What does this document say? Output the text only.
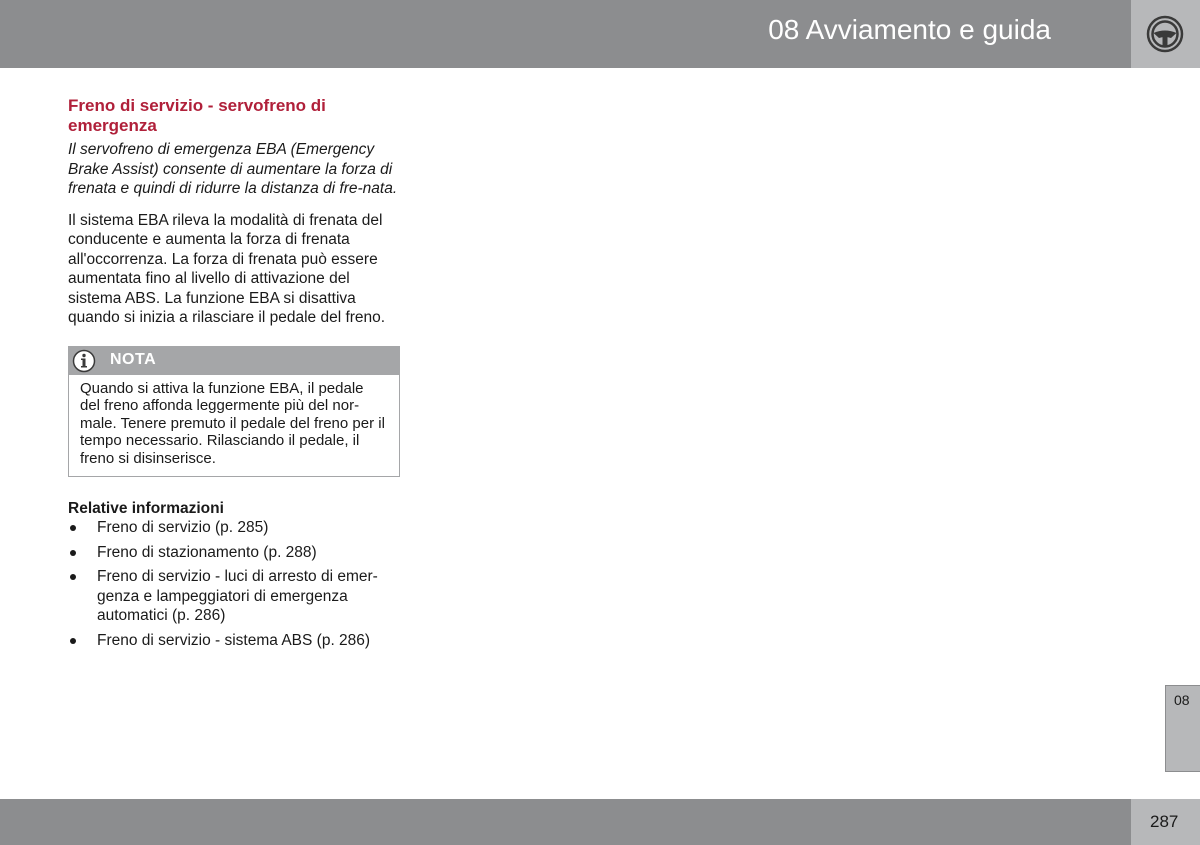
08 Avviamento e guida
Freno di servizio - servofreno di emergenza

Il servofreno di emergenza EBA (Emergency Brake Assist) consente di aumentare la forza di frenata e quindi di ridurre la distanza di fre-nata.

Il sistema EBA rileva la modalità di frenata del conducente e aumenta la forza di frenata all'occorrenza. La forza di frenata può essere aumentata fino al livello di attivazione del sistema ABS. La funzione EBA si disattiva quando si inizia a rilasciare il pedale del freno.

NOTA
Quando si attiva la funzione EBA, il pedale del freno affonda leggermente più del nor-male. Tenere premuto il pedale del freno per il tempo necessario. Rilasciando il pedale, il freno si disinserisce.
Relative informazioni
Freno di servizio (p. 285)
Freno di stazionamento (p. 288)
Freno di servizio - luci di arresto di emer-genza e lampeggiatori di emergenza automatici (p. 286)
Freno di servizio - sistema ABS (p. 286)
08
287
